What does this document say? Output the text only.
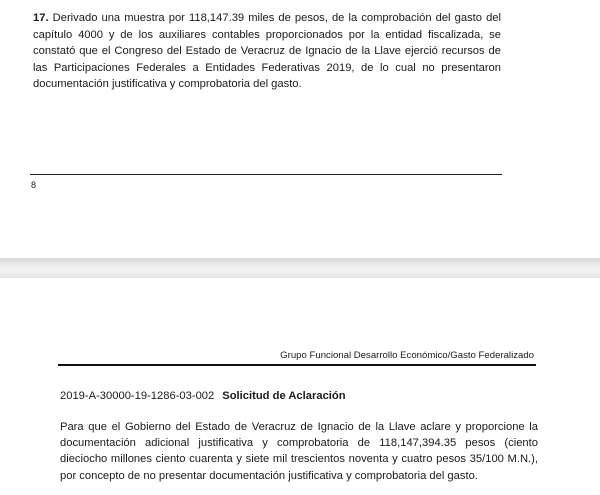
17. Derivado una muestra por 118,147.39 miles de pesos, de la comprobación del gasto del capítulo 4000 y de los auxiliares contables proporcionados por la entidad fiscalizada, se constató que el Congreso del Estado de Veracruz de Ignacio de la Llave ejerció recursos de las Participaciones Federales a Entidades Federativas 2019, de lo cual no presentaron documentación justificativa y comprobatoria del gasto.

8
Grupo Funcional Desarrollo Económico/Gasto Federalizado
2019-A-30000-19-1286-03-002 Solicitud de Aclaración

Para que el Gobierno del Estado de Veracruz de Ignacio de la Llave aclare y proporcione la documentación adicional justificativa y comprobatoria de 118,147,394.35 pesos (ciento dieciocho millones ciento cuarenta y siete mil trescientos noventa y cuatro pesos 35/100 M.N.), por concepto de no presentar documentación justificativa y comprobatoria del gasto.
